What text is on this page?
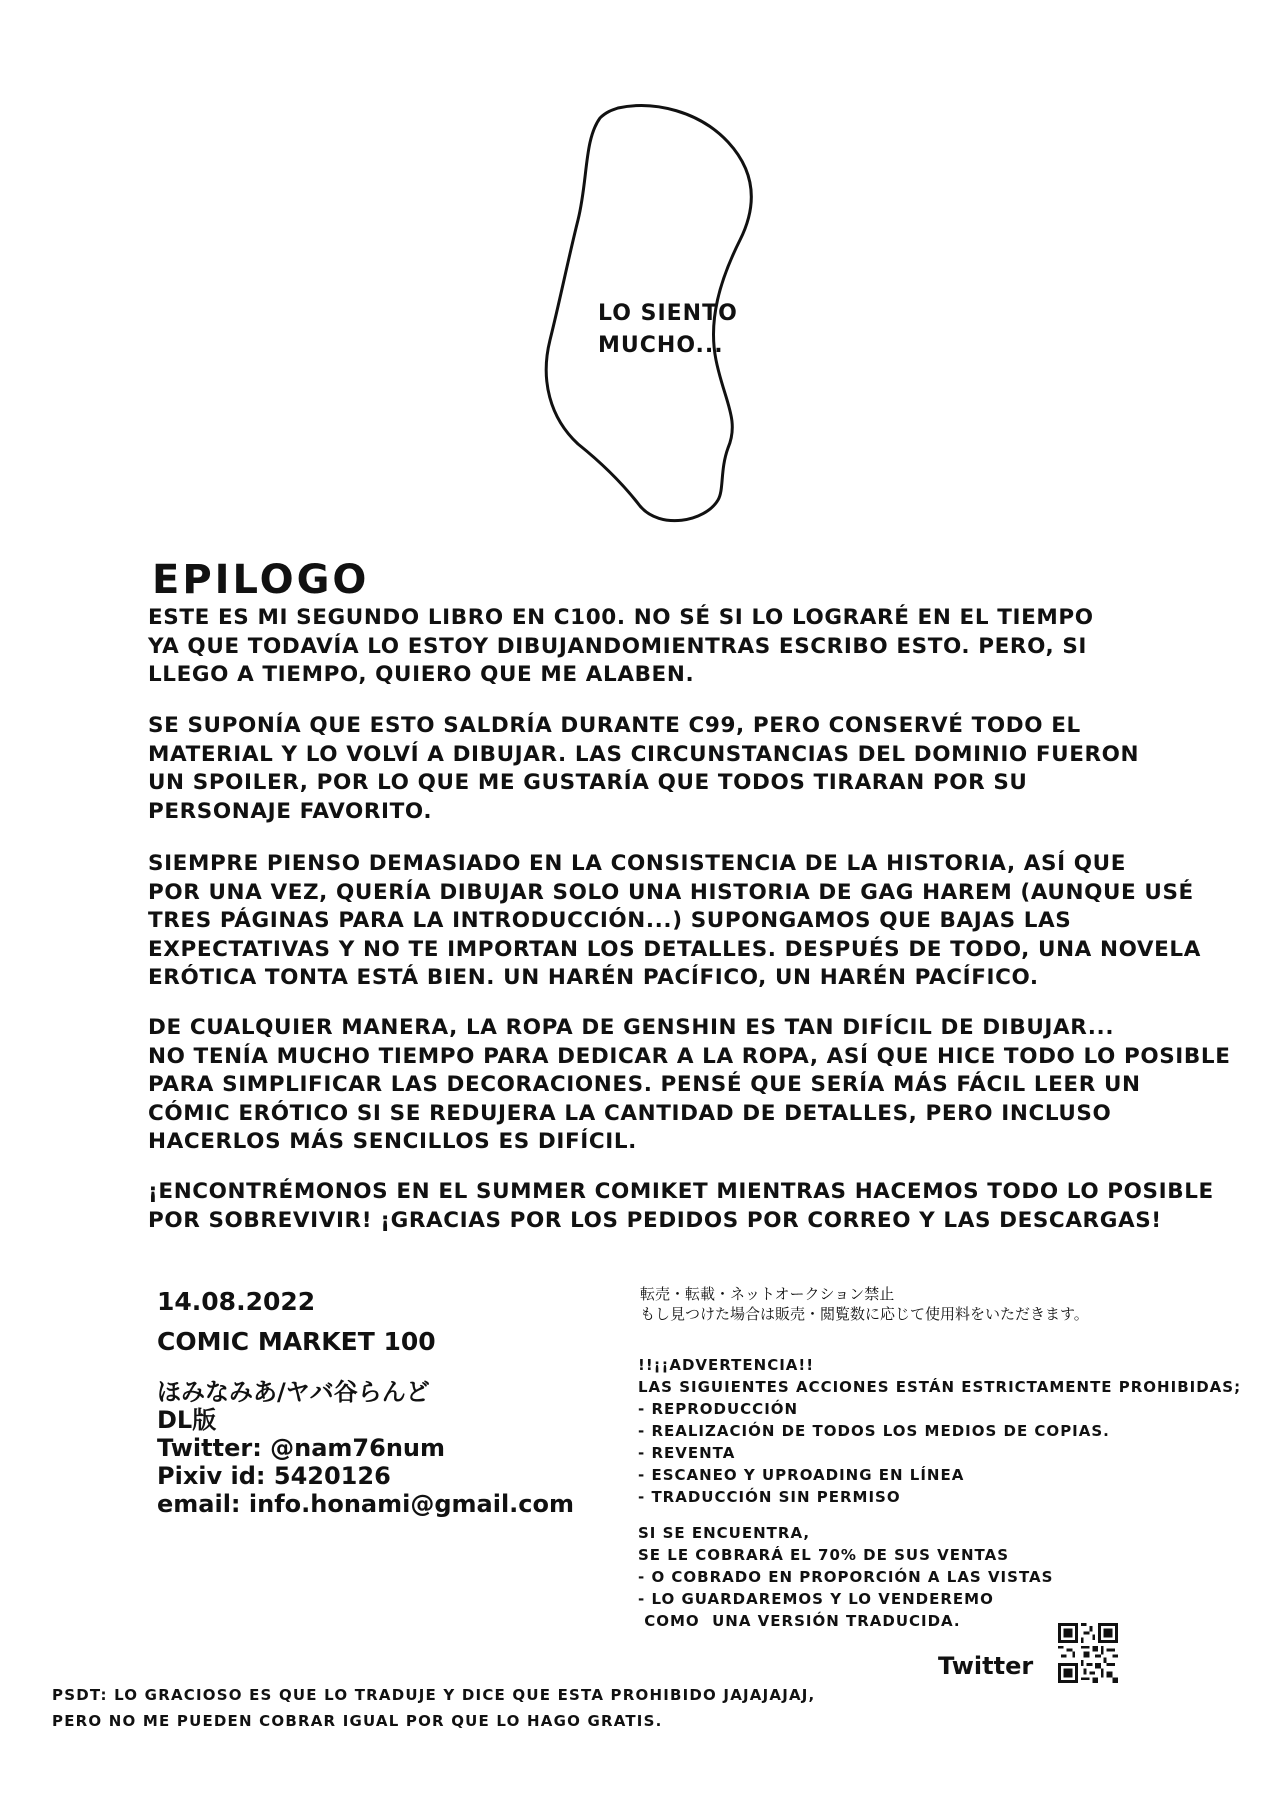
LO SIENTO
MUCHO...
EPILOGO
ESTE ES MI SEGUNDO LIBRO EN C100. NO SÉ SI LO LOGRARÉ EN EL TIEMPO
YA QUE TODAVÍA LO ESTOY DIBUJANDOMIENTRAS ESCRIBO ESTO. PERO, SI
LLEGO A TIEMPO, QUIERO QUE ME ALABEN.
SE SUPONÍA QUE ESTO SALDRÍA DURANTE C99, PERO CONSERVÉ TODO EL
MATERIAL Y LO VOLVÍ A DIBUJAR. LAS CIRCUNSTANCIAS DEL DOMINIO FUERON
UN SPOILER, POR LO QUE ME GUSTARÍA QUE TODOS TIRARAN POR SU
PERSONAJE FAVORITO.
SIEMPRE PIENSO DEMASIADO EN LA CONSISTENCIA DE LA HISTORIA, ASÍ QUE
POR UNA VEZ, QUERÍA DIBUJAR SOLO UNA HISTORIA DE GAG HAREM (AUNQUE USÉ
TRES PÁGINAS PARA LA INTRODUCCIÓN...) SUPONGAMOS QUE BAJAS LAS
EXPECTATIVAS Y NO TE IMPORTAN LOS DETALLES. DESPUÉS DE TODO, UNA NOVELA
ERÓTICA TONTA ESTÁ BIEN. UN HARÉN PACÍFICO, UN HARÉN PACÍFICO.
DE CUALQUIER MANERA, LA ROPA DE GENSHIN ES TAN DIFÍCIL DE DIBUJAR...
NO TENÍA MUCHO TIEMPO PARA DEDICAR A LA ROPA, ASÍ QUE HICE TODO LO POSIBLE
PARA SIMPLIFICAR LAS DECORACIONES. PENSÉ QUE SERÍA MÁS FÁCIL LEER UN
CÓMIC ERÓTICO SI SE REDUJERA LA CANTIDAD DE DETALLES, PERO INCLUSO
HACERLOS MÁS SENCILLOS ES DIFÍCIL.
¡ENCONTRÉMONOS EN EL SUMMER COMIKET MIENTRAS HACEMOS TODO LO POSIBLE
POR SOBREVIVIR! ¡GRACIAS POR LOS PEDIDOS POR CORREO Y LAS DESCARGAS!
14.08.2022
COMIC MARKET 100
ほみなみあ/ヤバ谷らんど
DL版
Twitter: @nam76num
Pixiv id: 5420126
email: info.honami@gmail.com
転売・転載・ネットオークション禁止
もし見つけた場合は販売・閲覧数に応じて使用料をいただきます。
!!¡¡ADVERTENCIA!!
LAS SIGUIENTES ACCIONES ESTÁN ESTRICTAMENTE PROHIBIDAS;
- REPRODUCCIÓN
- REALIZACIÓN DE TODOS LOS MEDIOS DE COPIAS.
- REVENTA
- ESCANEO Y UPROADING EN LÍNEA
- TRADUCCIÓN SIN PERMISO
SI SE ENCUENTRA,
SE LE COBRARÁ EL 70% DE SUS VENTAS
- O COBRADO EN PROPORCIÓN A LAS VISTAS
- LO GUARDAREMOS Y LO VENDEREMO
COMO  UNA VERSIÓN TRADUCIDA.
Twitter
PSDT: LO GRACIOSO ES QUE LO TRADUJE Y DICE QUE ESTA PROHIBIDO JAJAJAJAJ,
PERO NO ME PUEDEN COBRAR IGUAL POR QUE LO HAGO GRATIS.
